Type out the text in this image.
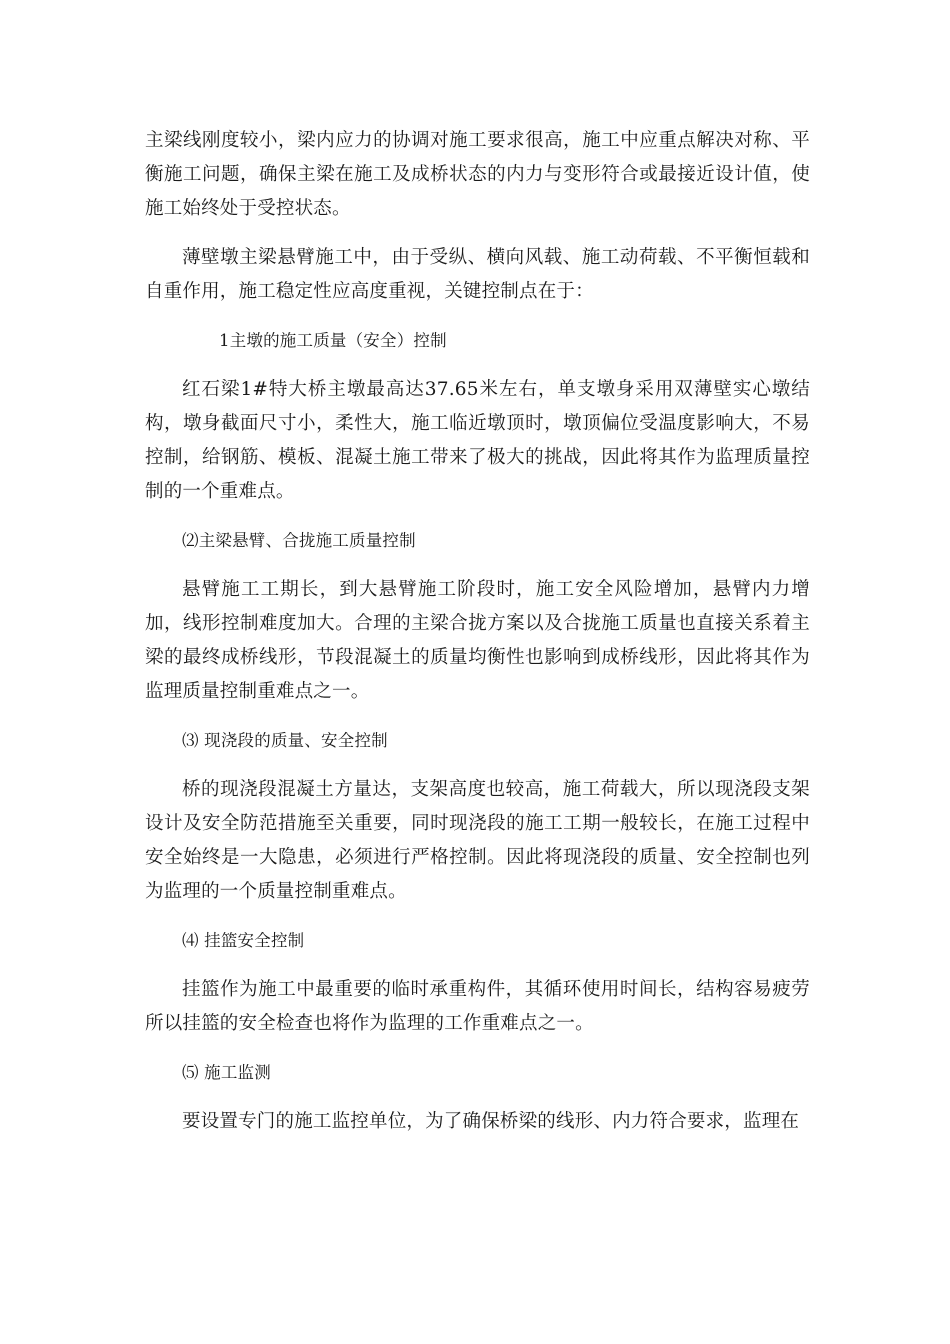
主梁线刚度较小，梁内应力的协调对施工要求很高，施工中应重点解决对称、平衡施工问题，确保主梁在施工及成桥状态的内力与变形符合或最接近设计值，使施工始终处于受控状态。

薄壁墩主梁悬臂施工中，由于受纵、横向风载、施工动荷载、不平衡恒载和自重作用，施工稳定性应高度重视，关键控制点在于：

1主墩的施工质量（安全）控制

红石梁1#特大桥主墩最高达37.65米左右，单支墩身采用双薄壁实心墩结构，墩身截面尺寸小，柔性大，施工临近墩顶时，墩顶偏位受温度影响大，不易控制，给钢筋、模板、混凝土施工带来了极大的挑战，因此将其作为监理质量控制的一个重难点。

⑵主梁悬臂、合拢施工质量控制

悬臂施工工期长，到大悬臂施工阶段时，施工安全风险增加，悬臂内力增加，线形控制难度加大。合理的主梁合拢方案以及合拢施工质量也直接关系着主梁的最终成桥线形，节段混凝土的质量均衡性也影响到成桥线形，因此将其作为监理质量控制重难点之一。

⑶ 现浇段的质量、安全控制

桥的现浇段混凝土方量达，支架高度也较高，施工荷载大，所以现浇段支架设计及安全防范措施至关重要，同时现浇段的施工工期一般较长，在施工过程中安全始终是一大隐患，必须进行严格控制。因此将现浇段的质量、安全控制也列为监理的一个质量控制重难点。

⑷ 挂篮安全控制

挂篮作为施工中最重要的临时承重构件，其循环使用时间长，结构容易疲劳所以挂篮的安全检查也将作为监理的工作重难点之一。

⑸ 施工监测

要设置专门的施工监控单位，为了确保桥梁的线形、内力符合要求，监理在
